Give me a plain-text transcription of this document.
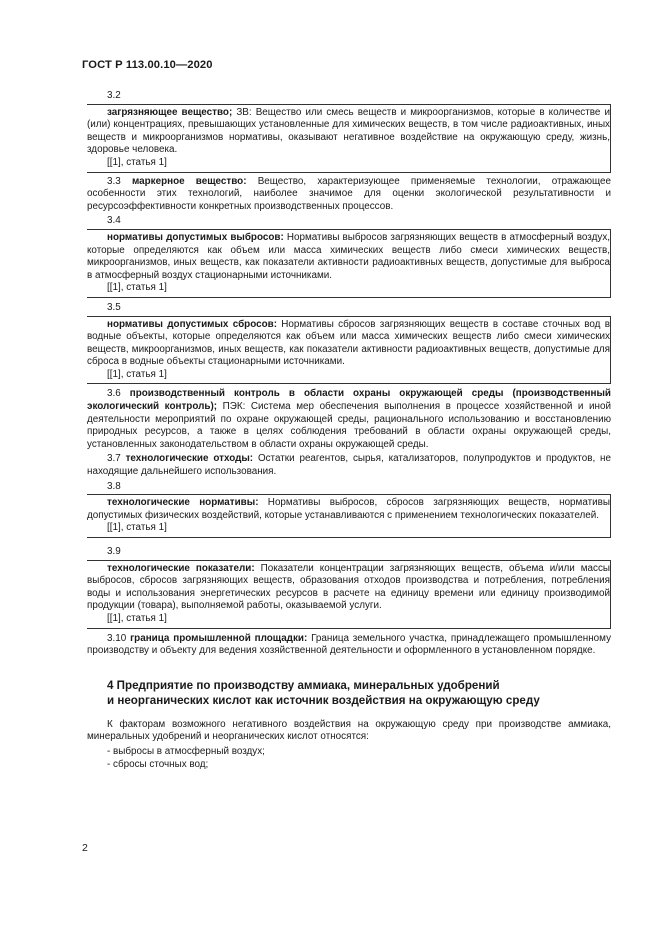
ГОСТ Р 113.00.10—2020
3.2

загрязняющее вещество; ЗВ: Вещество или смесь веществ и микроорганизмов, которые в количестве и (или) концентрациях, превышающих установленные для химических веществ, в том числе радиоактивных, иных веществ и микроорганизмов нормативы, оказывают негативное воздействие на окружающую среду, жизнь, здоровье человека.

[[1], статья 1]

3.3 маркерное вещество: Вещество, характеризующее применяемые технологии, отражающее особенности этих технологий, наиболее значимое для оценки экологической результативности и ресурсоэффективности конкретных производственных процессов.

3.4

нормативы допустимых выбросов: Нормативы выбросов загрязняющих веществ в атмосферный воздух, которые определяются как объем или масса химических веществ либо смеси химических веществ, микроорганизмов, иных веществ, как показатели активности радиоактивных веществ, допустимые для выброса в атмосферный воздух стационарными источниками.

[[1], статья 1]

3.5

нормативы допустимых сбросов: Нормативы сбросов загрязняющих веществ в составе сточных вод в водные объекты, которые определяются как объем или масса химических веществ либо смеси химических веществ, микроорганизмов, иных веществ, как показатели активности радиоактивных веществ, допустимые для сброса в водные объекты стационарными источниками.

[[1], статья 1]

3.6 производственный контроль в области охраны окружающей среды (производственный экологический контроль); ПЭК: Система мер обеспечения выполнения в процессе хозяйственной и иной деятельности мероприятий по охране окружающей среды, рационального использованию и восстановлению природных ресурсов, а также в целях соблюдения требований в области охраны окружающей среды, установленных законодательством в области охраны окружающей среды.

3.7 технологические отходы: Остатки реагентов, сырья, катализаторов, полупродуктов и продуктов, не находящие дальнейшего использования.

3.8

технологические нормативы: Нормативы выбросов, сбросов загрязняющих веществ, нормативы допустимых физических воздействий, которые устанавливаются с применением технологических показателей.

[[1], статья 1]

3.9

технологические показатели: Показатели концентрации загрязняющих веществ, объема и/или массы выбросов, сбросов загрязняющих веществ, образования отходов производства и потребления, потребления воды и использования энергетических ресурсов в расчете на единицу времени или единицу производимой продукции (товара), выполняемой работы, оказываемой услуги.

[[1], статья 1]

3.10 граница промышленной площадки: Граница земельного участка, принадлежащего промышленному производству и объекту для ведения хозяйственной деятельности и оформленного в установленном порядке.

4 Предприятие по производству аммиака, минеральных удобрений
и неорганических кислот как источник воздействия на окружающую среду

К факторам возможного негативного воздействия на окружающую среду при производстве аммиака, минеральных удобрений и неорганических кислот относятся:

- выбросы в атмосферный воздух;
- сбросы сточных вод;
2
